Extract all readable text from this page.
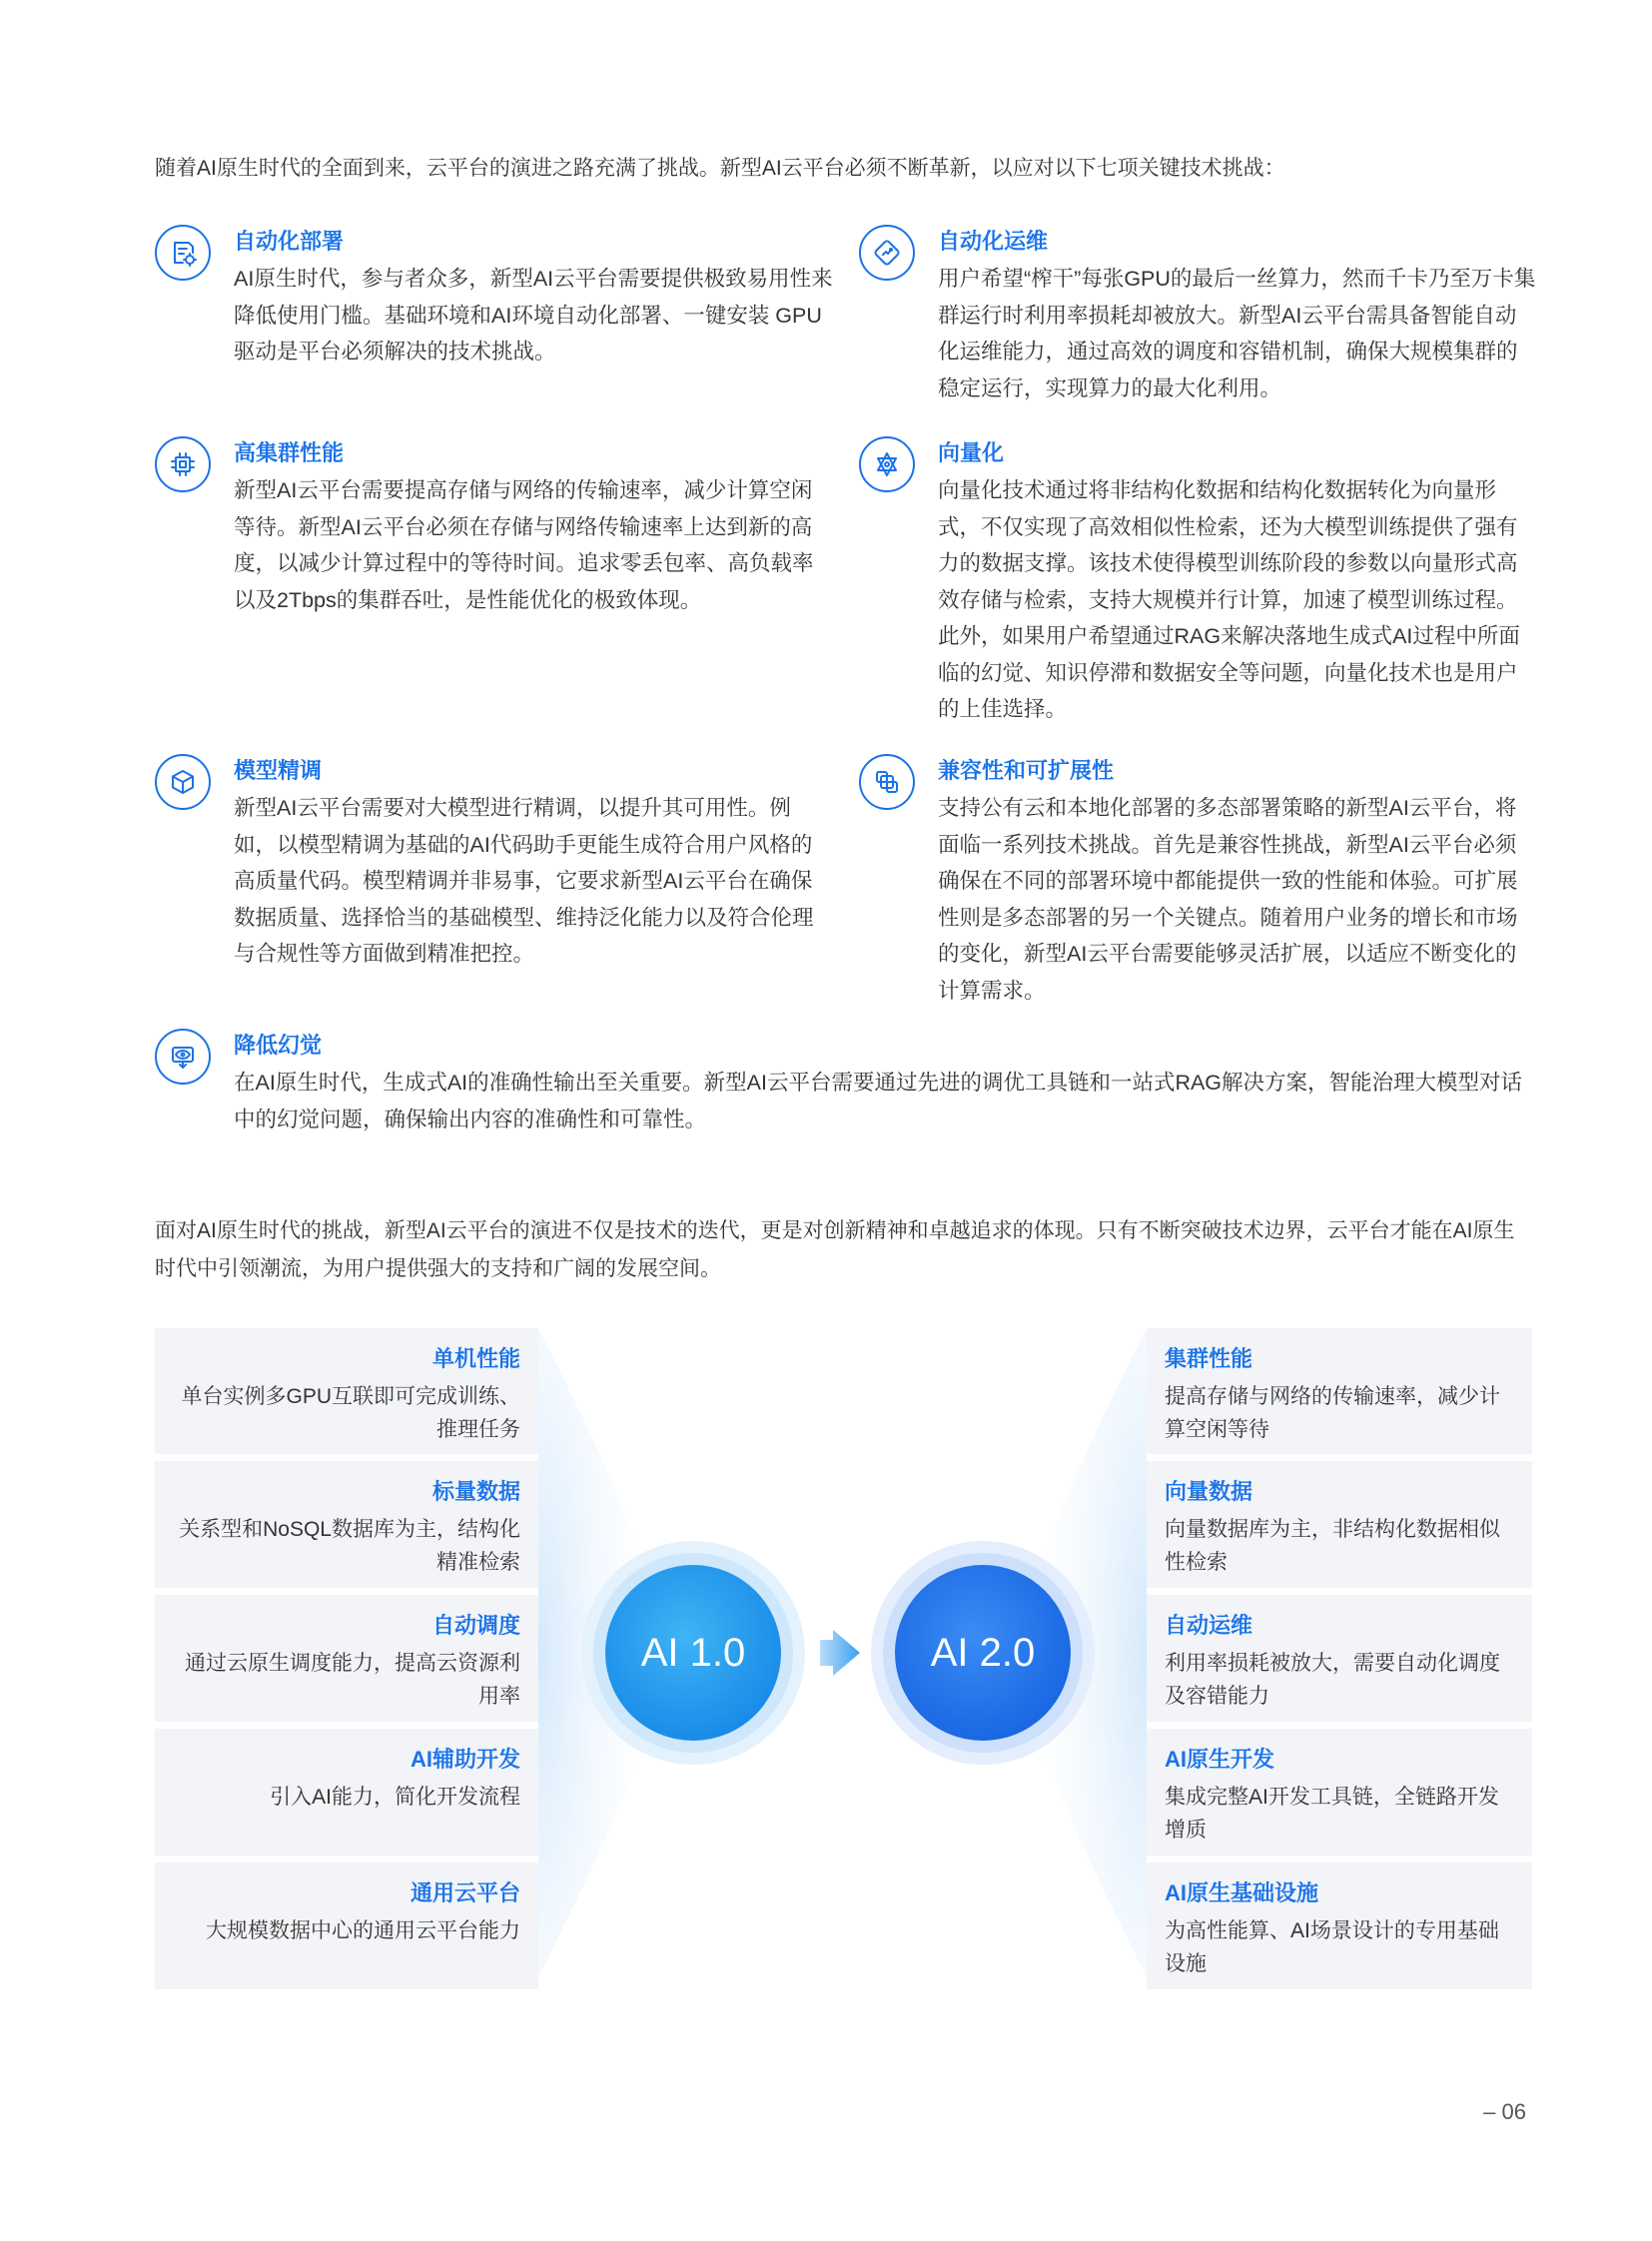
随着AI原生时代的全面到来，云平台的演进之路充满了挑战。新型AI云平台必须不断革新，以应对以下七项关键技术挑战：
自动化部署
AI原生时代，参与者众多，新型AI云平台需要提供极致易用性来降低使用门槛。基础环境和AI环境自动化部署、一键安装 GPU驱动是平台必须解决的技术挑战。
自动化运维
用户希望“榨干”每张GPU的最后一丝算力，然而千卡乃至万卡集群运行时利用率损耗却被放大。新型AI云平台需具备智能自动化运维能力，通过高效的调度和容错机制，确保大规模集群的稳定运行，实现算力的最大化利用。
高集群性能
新型AI云平台需要提高存储与网络的传输速率，减少计算空闲等待。新型AI云平台必须在存储与网络传输速率上达到新的高度，以减少计算过程中的等待时间。追求零丢包率、高负载率以及2Tbps的集群吞吐，是性能优化的极致体现。
向量化
向量化技术通过将非结构化数据和结构化数据转化为向量形式，不仅实现了高效相似性检索，还为大模型训练提供了强有力的数据支撑。该技术使得模型训练阶段的参数以向量形式高效存储与检索，支持大规模并行计算，加速了模型训练过程。此外，如果用户希望通过RAG来解决落地生成式AI过程中所面临的幻觉、知识停滞和数据安全等问题，向量化技术也是用户的上佳选择。
模型精调
新型AI云平台需要对大模型进行精调，以提升其可用性。例如，以模型精调为基础的AI代码助手更能生成符合用户风格的高质量代码。模型精调并非易事，它要求新型AI云平台在确保数据质量、选择恰当的基础模型、维持泛化能力以及符合伦理与合规性等方面做到精准把控。
兼容性和可扩展性
支持公有云和本地化部署的多态部署策略的新型AI云平台，将面临一系列技术挑战。首先是兼容性挑战，新型AI云平台必须确保在不同的部署环境中都能提供一致的性能和体验。可扩展性则是多态部署的另一个关键点。随着用户业务的增长和市场的变化，新型AI云平台需要能够灵活扩展，以适应不断变化的计算需求。
降低幻觉
在AI原生时代，生成式AI的准确性输出至关重要。新型AI云平台需要通过先进的调优工具链和一站式RAG解决方案，智能治理大模型对话中的幻觉问题，确保输出内容的准确性和可靠性。
面对AI原生时代的挑战，新型AI云平台的演进不仅是技术的迭代，更是对创新精神和卓越追求的体现。只有不断突破技术边界，云平台才能在AI原生时代中引领潮流，为用户提供强大的支持和广阔的发展空间。
单机性能
单台实例多GPU互联即可完成训练、推理任务
标量数据
关系型和NoSQL数据库为主，结构化精准检索
自动调度
通过云原生调度能力，提高云资源利用率
AI辅助开发
引入AI能力，简化开发流程
通用云平台
大规模数据中心的通用云平台能力
集群性能
提高存储与网络的传输速率，减少计算空闲等待
向量数据
向量数据库为主，非结构化数据相似性检索
自动运维
利用率损耗被放大，需要自动化调度及容错能力
AI原生开发
集成完整AI开发工具链，全链路开发增质
AI原生基础设施
为高性能算、AI场景设计的专用基础设施
AI 1.0	AI 2.0
– 06
